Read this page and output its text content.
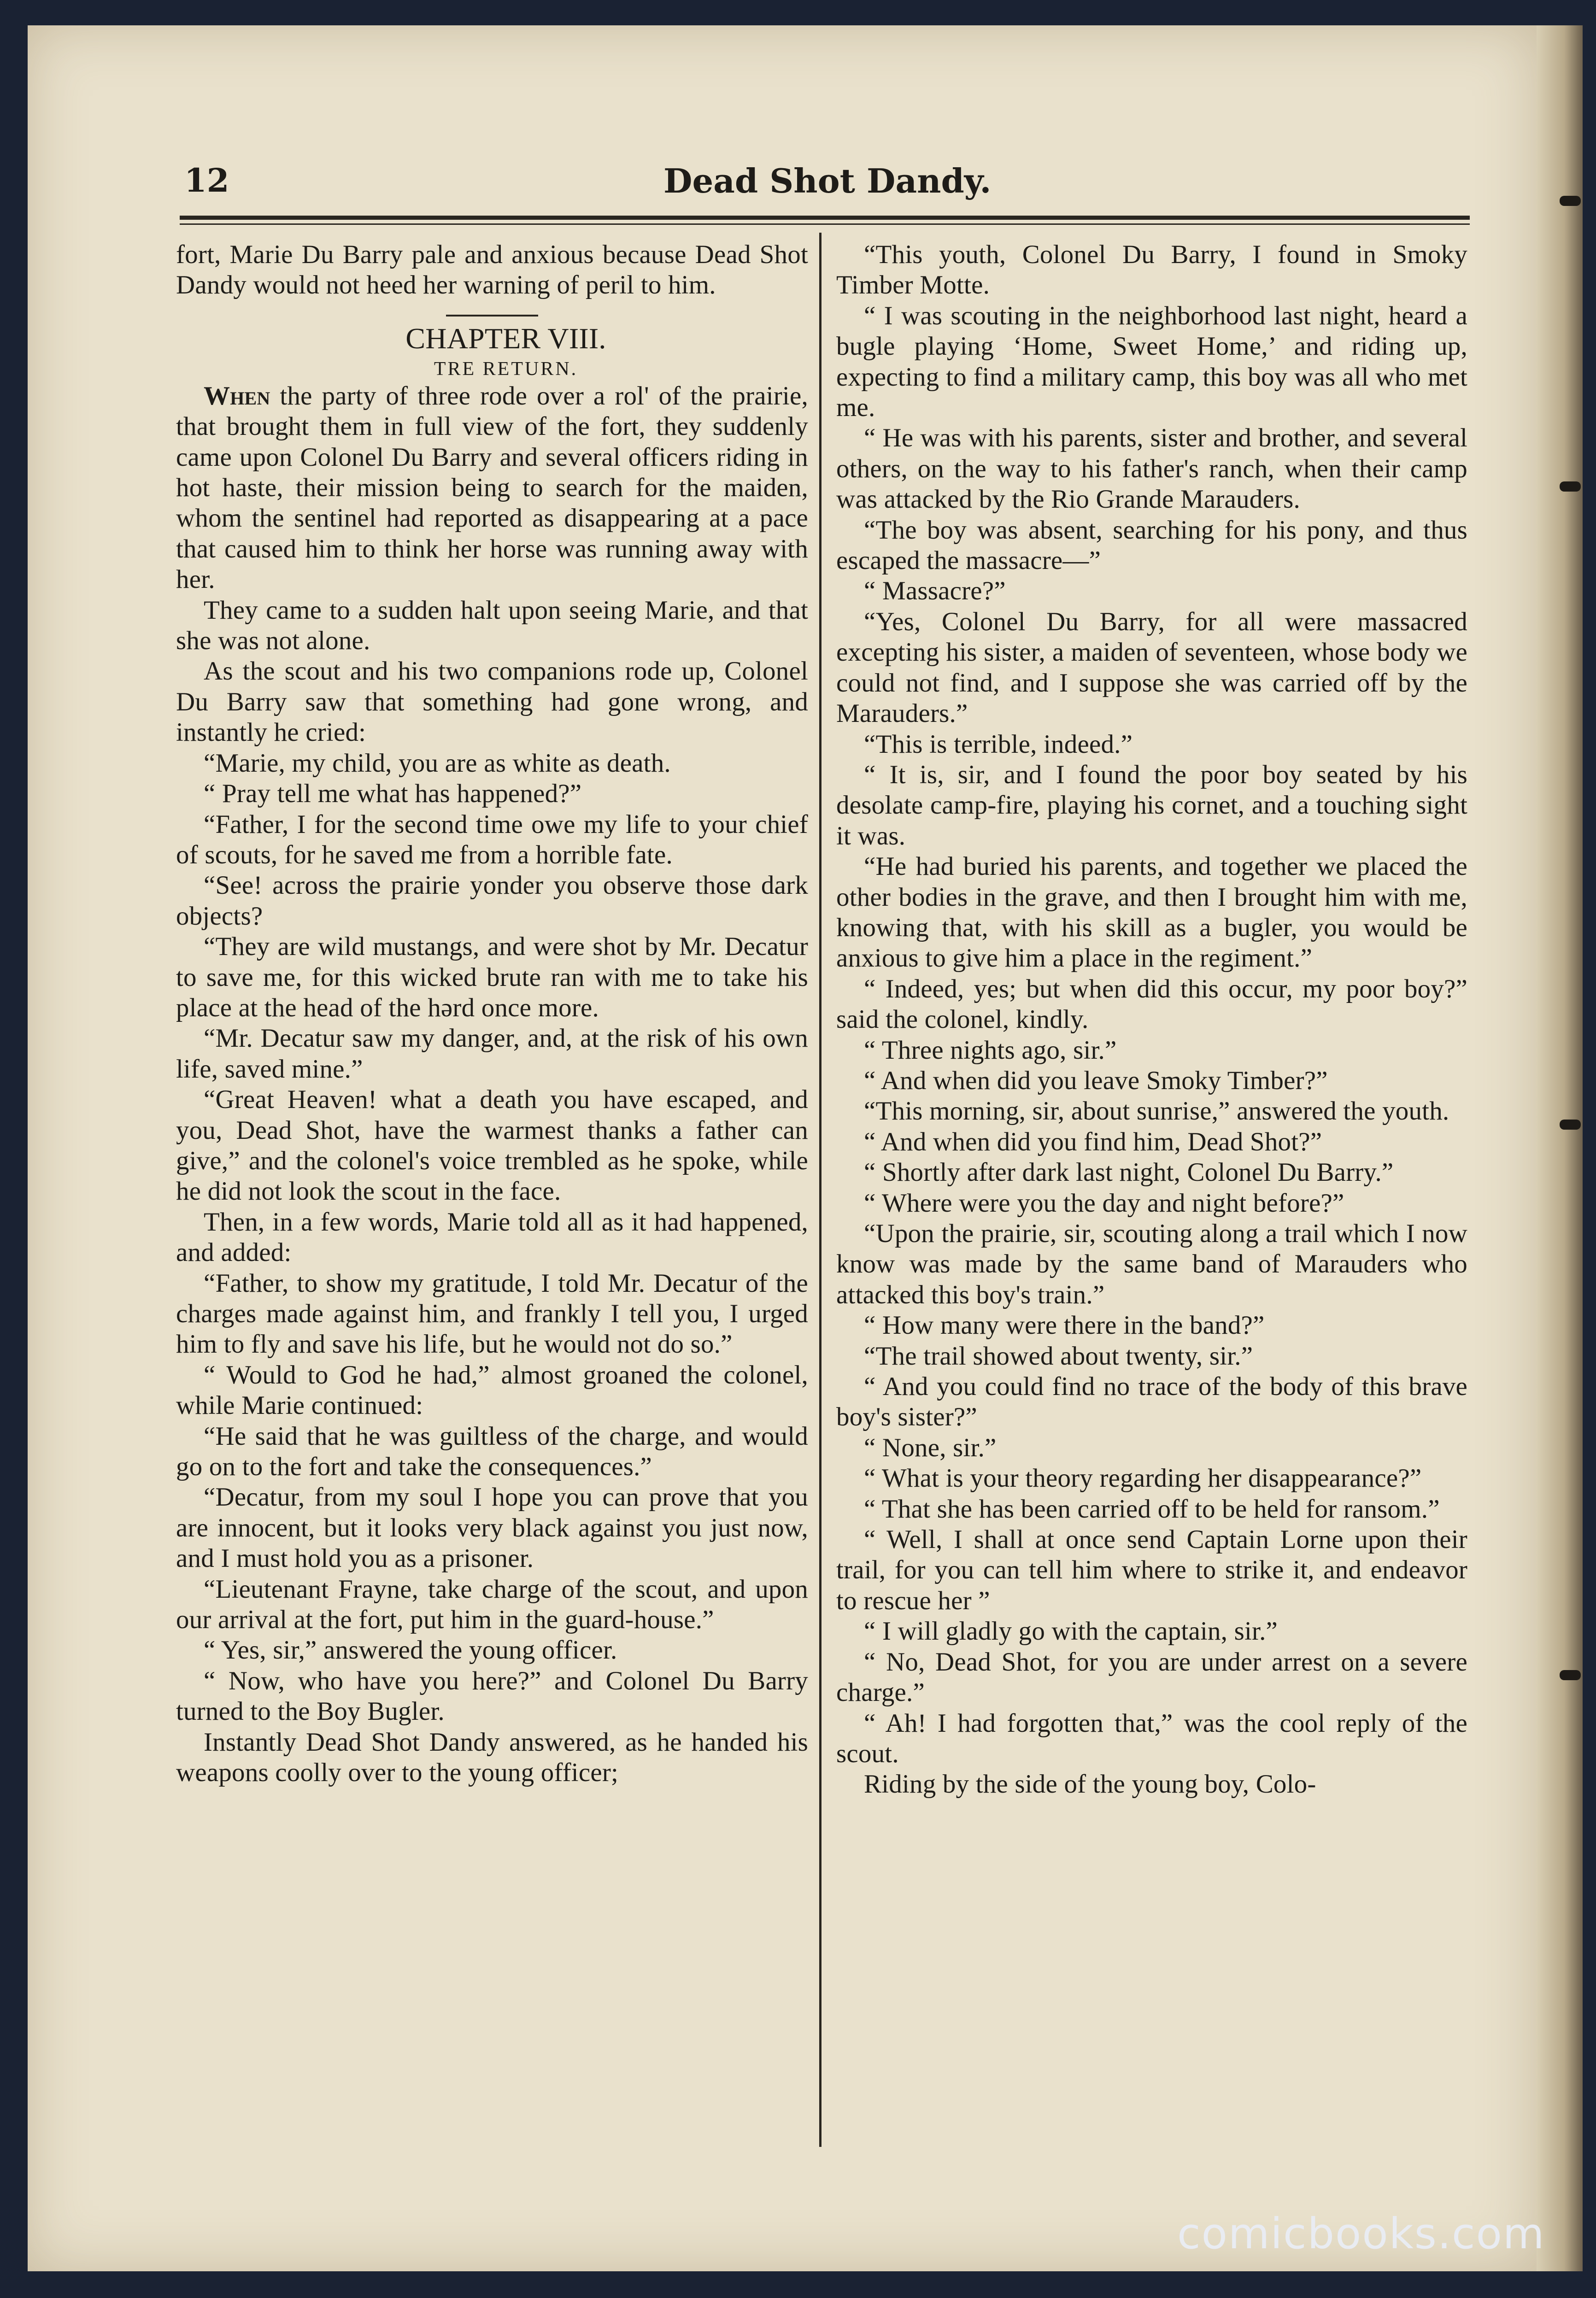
12	Dead Shot Dandy.

fort, Marie Du Barry pale and anxious because Dead Shot Dandy would not heed her warning of peril to him.

CHAPTER VIII.

TRE RETURN.

When the party of three rode over a rol' of the prairie, that brought them in full view of the fort, they suddenly came upon Colonel Du Barry and several officers riding in hot haste, their mission being to search for the maiden, whom the sentinel had reported as disappearing at a pace that caused him to think her horse was running away with her.

They came to a sudden halt upon seeing Marie, and that she was not alone.

As the scout and his two companions rode up, Colonel Du Barry saw that something had gone wrong, and instantly he cried:

“Marie, my child, you are as white as death.

“ Pray tell me what has happened?”

“Father, I for the second time owe my life to your chief of scouts, for he saved me from a horrible fate.

“See! across the prairie yonder you observe those dark objects?

“They are wild mustangs, and were shot by Mr. Decatur to save me, for this wicked brute ran with me to take his place at the head of the hərd once more.

“Mr. Decatur saw my danger, and, at the risk of his own life, saved mine.”

“Great Heaven! what a death you have escaped, and you, Dead Shot, have the warmest thanks a father can give,” and the colonel's voice trembled as he spoke, while he did not look the scout in the face.

Then, in a few words, Marie told all as it had happened, and added:

“Father, to show my gratitude, I told Mr. Decatur of the charges made against him, and frankly I tell you, I urged him to fly and save his life, but he would not do so.”

“ Would to God he had,” almost groaned the colonel, while Marie continued:

“He said that he was guiltless of the charge, and would go on to the fort and take the consequences.”

“Decatur, from my soul I hope you can prove that you are innocent, but it looks very black against you just now, and I must hold you as a prisoner.

“Lieutenant Frayne, take charge of the scout, and upon our arrival at the fort, put him in the guard-house.”

“ Yes, sir,” answered the young officer.

“ Now, who have you here?” and Colonel Du Barry turned to the Boy Bugler.

Instantly Dead Shot Dandy answered, as he handed his weapons coolly over to the young officer;

“This youth, Colonel Du Barry, I found in Smoky Timber Motte.

“ I was scouting in the neighborhood last night, heard a bugle playing ‘Home, Sweet Home,’ and riding up, expecting to find a military camp, this boy was all who met me.

“ He was with his parents, sister and brother, and several others, on the way to his father's ranch, when their camp was attacked by the Rio Grande Marauders.

“The boy was absent, searching for his pony, and thus escaped the massacre—”

“ Massacre?”

“Yes, Colonel Du Barry, for all were massacred excepting his sister, a maiden of seventeen, whose body we could not find, and I suppose she was carried off by the Marauders.”

“This is terrible, indeed.”

“ It is, sir, and I found the poor boy seated by his desolate camp-fire, playing his cornet, and a touching sight it was.

“He had buried his parents, and together we placed the other bodies in the grave, and then I brought him with me, knowing that, with his skill as a bugler, you would be anxious to give him a place in the regiment.”

“ Indeed, yes; but when did this occur, my poor boy?” said the colonel, kindly.

“ Three nights ago, sir.”

“ And when did you leave Smoky Timber?”

“This morning, sir, about sunrise,” answered the youth.

“ And when did you find him, Dead Shot?”

“ Shortly after dark last night, Colonel Du Barry.”

“ Where were you the day and night before?”

“Upon the prairie, sir, scouting along a trail which I now know was made by the same band of Marauders who attacked this boy's train.”

“ How many were there in the band?”

“The trail showed about twenty, sir.”

“ And you could find no trace of the body of this brave boy's sister?”

“ None, sir.”

“ What is your theory regarding her disappearance?”

“ That she has been carried off to be held for ransom.”

“ Well, I shall at once send Captain Lorne upon their trail, for you can tell him where to strike it, and endeavor to rescue her ”

“ I will gladly go with the captain, sir.”

“ No, Dead Shot, for you are under arrest on a severe charge.”

“ Ah! I had forgotten that,” was the cool reply of the scout.

Riding by the side of the young boy, Colo-

comicbooks.com
